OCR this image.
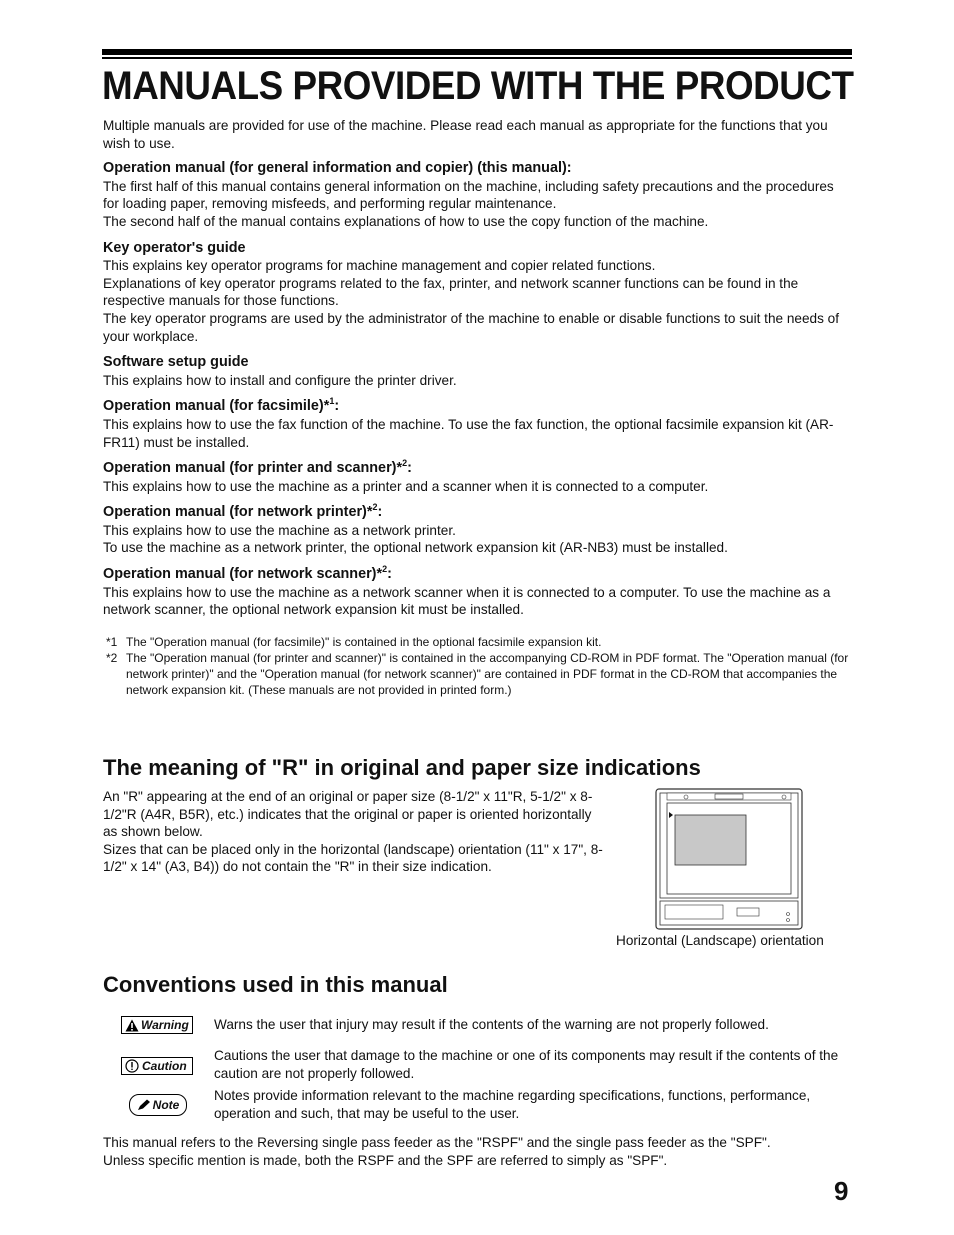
MANUALS PROVIDED WITH THE PRODUCT

Multiple manuals are provided for use of the machine. Please read each manual as appropriate for the functions that you wish to use.

Operation manual (for general information and copier) (this manual):

The first half of this manual contains general information on the machine, including safety precautions and the procedures for loading paper, removing misfeeds, and performing regular maintenance.

The second half of the manual contains explanations of how to use the copy function of the machine.

Key operator's guide

This explains key operator programs for machine management and copier related functions.

Explanations of key operator programs related to the fax, printer, and network scanner functions can be found in the respective manuals for those functions.

The key operator programs are used by the administrator of the machine to enable or disable functions to suit the needs of your workplace.

Software setup guide

This explains how to install and configure the printer driver.

Operation manual (for facsimile)*$^1$:

This explains how to use the fax function of the machine. To use the fax function, the optional facsimile expansion kit (AR-FR11) must be installed.

Operation manual (for printer and scanner)*$^2$:

This explains how to use the machine as a printer and a scanner when it is connected to a computer.

Operation manual (for network printer)*$^2$:

This explains how to use the machine as a network printer.

To use the machine as a network printer, the optional network expansion kit (AR-NB3) must be installed.

Operation manual (for network scanner)*$^2$:

This explains how to use the machine as a network scanner when it is connected to a computer. To use the machine as a network scanner, the optional network expansion kit must be installed.

*1 The "Operation manual (for facsimile)" is contained in the optional facsimile expansion kit.
*2 The "Operation manual (for printer and scanner)" is contained in the accompanying CD-ROM in PDF format. The "Operation manual (for network printer)" and the "Operation manual (for network scanner)" are contained in PDF format in the CD-ROM that accompanies the network expansion kit. (These manuals are not provided in printed form.)
The meaning of "R" in original and paper size indications

An "R" appearing at the end of an original or paper size (8-1/2" x 11"R, 5-1/2" x 8-1/2"R (A4R, B5R), etc.) indicates that the original or paper is oriented horizontally as shown below.

Sizes that can be placed only in the horizontal (landscape) orientation (11" x 17", 8-1/2" x 14" (A3, B4)) do not contain the "R" in their size indication.

Horizontal (Landscape) orientation
Conventions used in this manual
Warning Warns the user that injury may result if the contents of the warning are not properly followed.
Caution
Cautions the user that damage to the machine or one of its components may result if the contents of the caution are not properly followed.
Note
Notes provide information relevant to the machine regarding specifications, functions, performance, operation and such, that may be useful to the user.

This manual refers to the Reversing single pass feeder as the "RSPF" and the single pass feeder as the "SPF".

Unless specific mention is made, both the RSPF and the SPF are referred to simply as "SPF".

9
